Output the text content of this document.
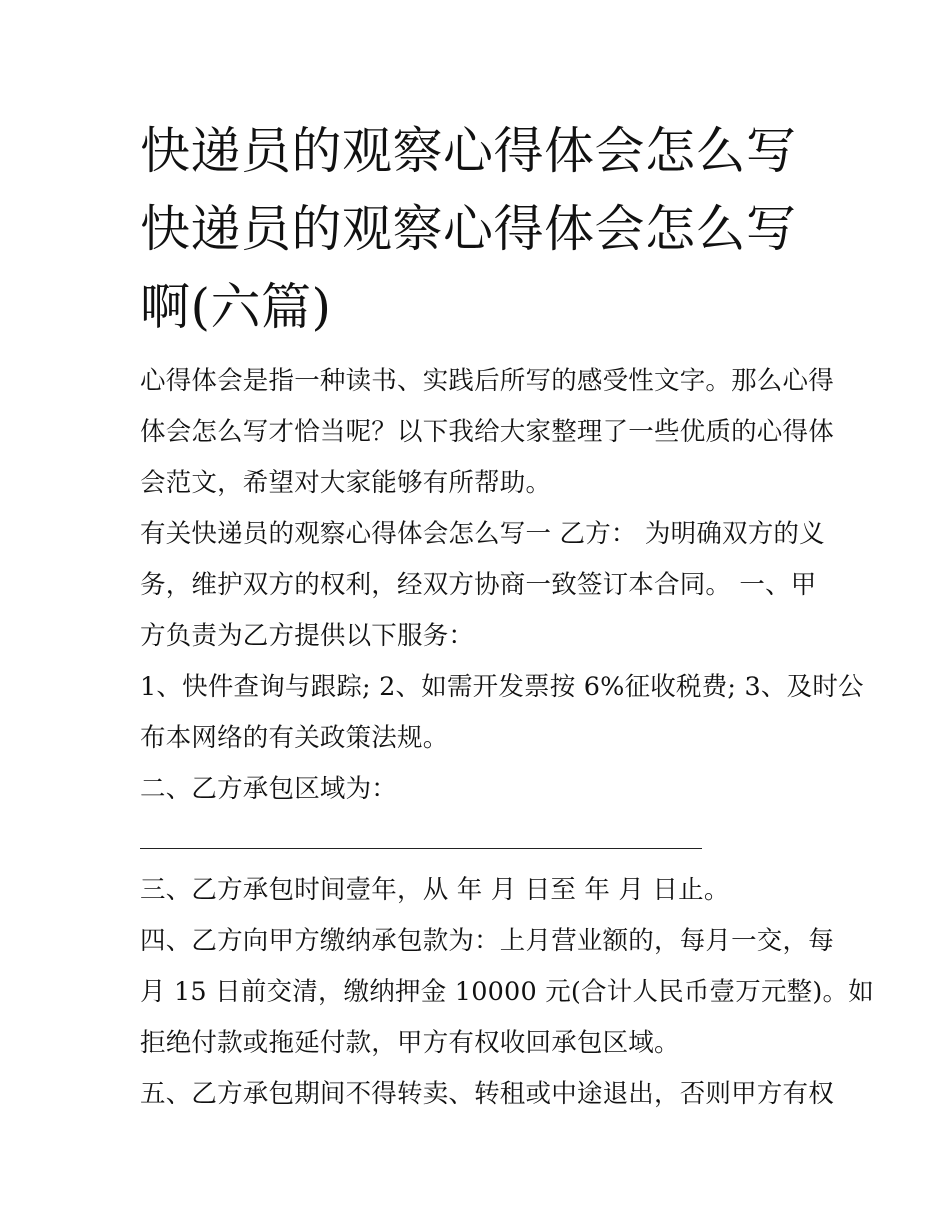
快递员的观察心得体会怎么写
快递员的观察心得体会怎么写
啊(六篇)

心得体会是指一种读书、实践后所写的感受性文字。那么心得
体会怎么写才恰当呢？以下我给大家整理了一些优质的心得体
会范文，希望对大家能够有所帮助。

有关快递员的观察心得体会怎么写一 乙方： 为明确双方的义
务，维护双方的权利，经双方协商一致签订本合同。 一、甲
方负责为乙方提供以下服务：

1、快件查询与跟踪; 2、如需开发票按 6%征收税费; 3、及时公
布本网络的有关政策法规。

二、乙方承包区域为：

三、乙方承包时间壹年，从 年 月 日至 年 月 日止。

四、乙方向甲方缴纳承包款为：上月营业额的，每月一交，每
月 15 日前交清，缴纳押金 10000 元(合计人民币壹万元整)。如
拒绝付款或拖延付款，甲方有权收回承包区域。

五、乙方承包期间不得转卖、转租或中途退出，否则甲方有权
